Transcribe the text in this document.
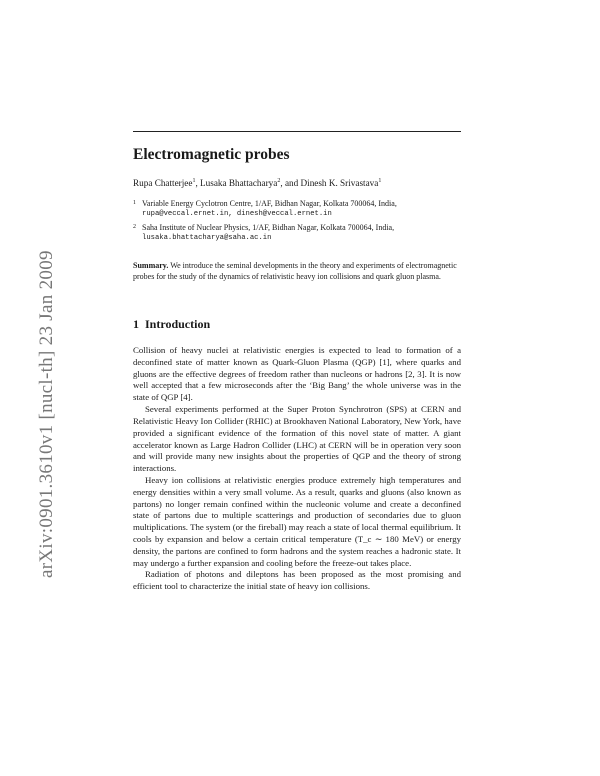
arXiv:0901.3610v1 [nucl-th] 23 Jan 2009
Electromagnetic probes
Rupa Chatterjee$^1$, Lusaka Bhattacharya$^2$, and Dinesh K. Srivastava$^1$
1 Variable Energy Cyclotron Centre, 1/AF, Bidhan Nagar, Kolkata 700064, India,
rupa@veccal.ernet.in, dinesh@veccal.ernet.in
2 Saha Institute of Nuclear Physics, 1/AF, Bidhan Nagar, Kolkata 700064, India,
lusaka.bhattacharya@saha.ac.in
Summary. We introduce the seminal developments in the theory and experiments of electromagnetic probes for the study of the dynamics of relativistic heavy ion collisions and quark gluon plasma.
1 Introduction

Collision of heavy nuclei at relativistic energies is expected to lead to formation of a deconfined state of matter known as Quark-Gluon Plasma (QGP) [1], where quarks and gluons are the effective degrees of freedom rather than nucleons or hadrons [2, 3]. It is now well accepted that a few microseconds after the ‘Big Bang’ the whole universe was in the state of QGP [4].

Several experiments performed at the Super Proton Synchrotron (SPS) at CERN and Relativistic Heavy Ion Collider (RHIC) at Brookhaven National Laboratory, New York, have provided a significant evidence of the formation of this novel state of matter. A giant accelerator known as Large Hadron Collider (LHC) at CERN will be in operation very soon and will provide many new insights about the properties of QGP and the theory of strong interactions.

Heavy ion collisions at relativistic energies produce extremely high temperatures and energy densities within a very small volume. As a result, quarks and gluons (also known as partons) no longer remain confined within the nucleonic volume and create a deconfined state of partons due to multiple scatterings and production of secondaries due to gluon multiplications. The system (or the fireball) may reach a state of local thermal equilibrium. It cools by expansion and below a certain critical temperature (T_c ∼ 180 MeV) or energy density, the partons are confined to form hadrons and the system reaches a hadronic state. It may undergo a further expansion and cooling before the freeze-out takes place.

Radiation of photons and dileptons has been proposed as the most promising and efficient tool to characterize the initial state of heavy ion collisions.
